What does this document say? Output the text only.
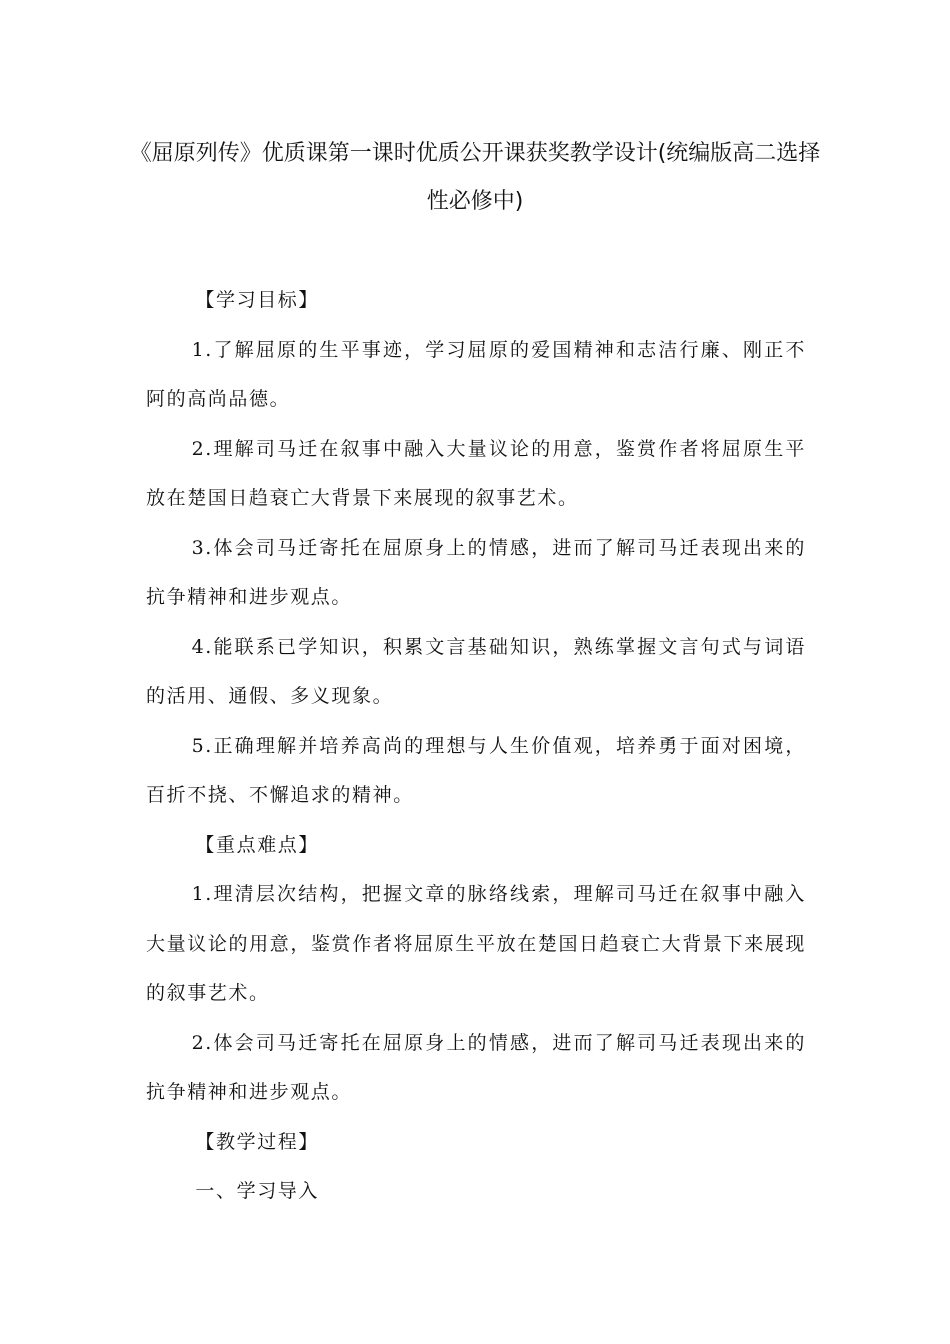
《屈原列传》优质课第一课时优质公开课获奖教学设计(统编版高二选择性必修中)

【学习目标】

1.了解屈原的生平事迹，学习屈原的爱国精神和志洁行廉、刚正不阿的高尚品德。

2.理解司马迁在叙事中融入大量议论的用意，鉴赏作者将屈原生平放在楚国日趋衰亡大背景下来展现的叙事艺术。

3.体会司马迁寄托在屈原身上的情感，进而了解司马迁表现出来的抗争精神和进步观点。

4.能联系已学知识，积累文言基础知识，熟练掌握文言句式与词语的活用、通假、多义现象。

5.正确理解并培养高尚的理想与人生价值观，培养勇于面对困境，百折不挠、不懈追求的精神。

【重点难点】

1.理清层次结构，把握文章的脉络线索，理解司马迁在叙事中融入大量议论的用意，鉴赏作者将屈原生平放在楚国日趋衰亡大背景下来展现的叙事艺术。

2.体会司马迁寄托在屈原身上的情感，进而了解司马迁表现出来的抗争精神和进步观点。

【教学过程】

一、学习导入
